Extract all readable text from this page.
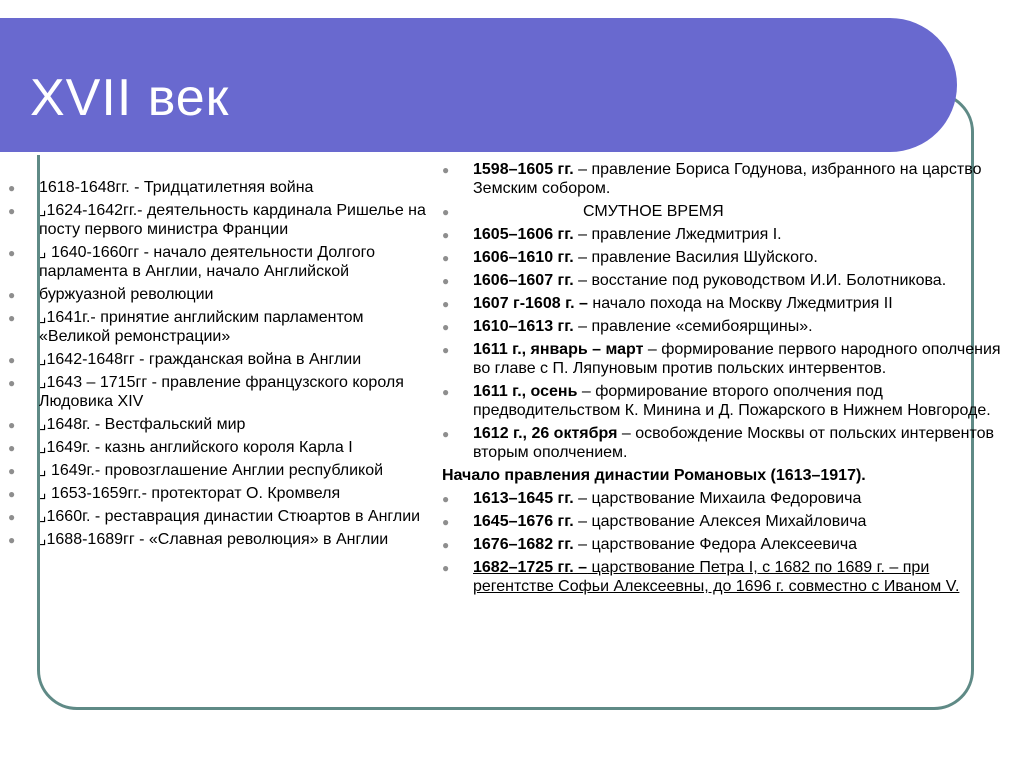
XVII век
● 1618-1648гг. - Тридцатилетняя война
● ⌟1624-1642гг.- деятельность кардинала Ришелье на посту первого министра Франции
● ⌟ 1640-1660гг - начало деятельности Долгого парламента в Англии, начало Английской
● буржуазной революции
● ⌟1641г.- принятие английским парламентом «Великой ремонстрации»
● ⌟1642-1648гг - гражданская война в Англии
● ⌟1643 – 1715гг - правление французского короля Людовика XIV
● ⌟1648г. - Вестфальский мир
● ⌟1649г. - казнь английского короля Карла I
● ⌟ 1649г.- провозглашение Англии республикой
● ⌟ 1653-1659гг.- протекторат О. Кромвеля
● ⌟1660г. - реставрация династии Стюартов в Англии
● ⌟1688-1689гг - «Славная революция» в Англии
● 1598–1605 гг. – правление Бориса Годунова, избранного на царство Земским собором.
●	СМУТНОЕ ВРЕМЯ
● 1605–1606 гг. – правление Лжедмитрия I.
● 1606–1610 гг. – правление Василия Шуйского.
● 1606–1607 гг. – восстание под руководством И.И. Болотникова.
● 1607 г-1608 г. – начало похода на Москву Лжедмитрия II
● 1610–1613 гг. – правление «семибоярщины».
● 1611 г., январь – март – формирование первого народного ополчения во главе с П. Ляпуновым против польских интервентов.
● 1611 г., осень – формирование второго ополчения под предводительством К. Минина и Д. Пожарского в Нижнем Новгороде.
● 1612 г., 26 октября – освобождение Москвы от польских интервентов вторым ополчением.
Начало правления династии Романовых (1613–1917).
● 1613–1645 гг. – царствование Михаила Федоровича
● 1645–1676 гг. – царствование Алексея Михайловича
● 1676–1682 гг. – царствование Федора Алексеевича
● 1682–1725 гг. – царствование Петра I, с 1682 по 1689 г. – при регентстве Софьи Алексеевны, до 1696 г. совместно с Иваном V.
